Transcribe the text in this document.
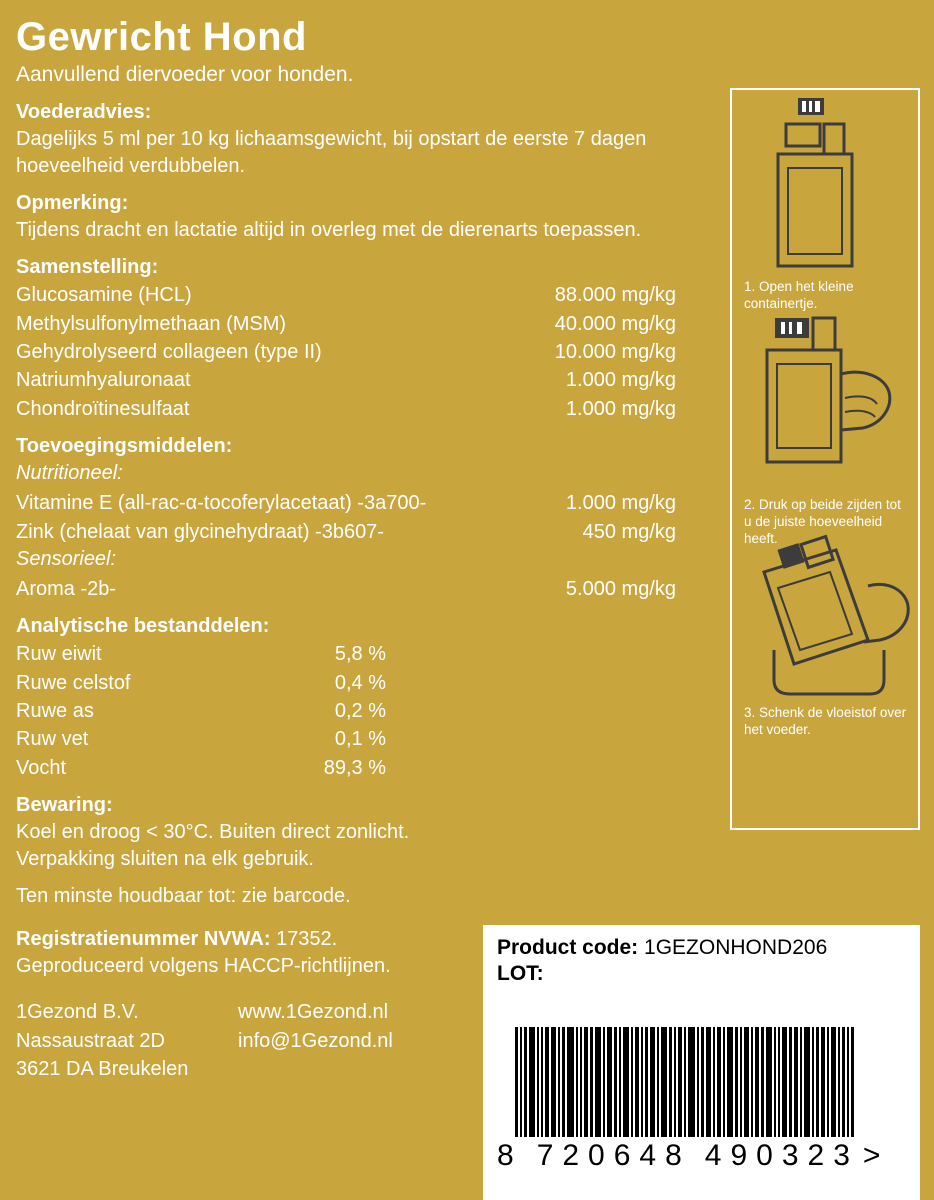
Gewricht Hond
Aanvullend diervoeder voor honden.
Voederadvies:
Dagelijks 5 ml per 10 kg lichaamsgewicht, bij opstart de eerste 7 dagen hoeveelheid verdubbelen.
Opmerking:
Tijdens dracht en lactatie altijd in overleg met de dierenarts toepassen.
Samenstelling:
Glucosamine (HCL)	88.000 mg/kg
Methylsulfonylmethaan (MSM)	40.000 mg/kg
Gehydrolyseerd collageen (type II)	10.000 mg/kg
Natriumhyaluronaat	1.000 mg/kg
Chondroïtinesulfaat	1.000 mg/kg
Toevoegingsmiddelen:
Nutritioneel:
Vitamine E (all-rac-α-tocoferylacetaat) -3a700-	1.000 mg/kg
Zink (chelaat van glycinehydraat) -3b607-	450 mg/kg
Sensorieel:
Aroma -2b-	5.000 mg/kg
Analytische bestanddelen:
Ruw eiwit	5,8 %
Ruwe celstof	0,4 %
Ruwe as	0,2 %
Ruw vet	0,1 %
Vocht	89,3 %
Bewaring:
Koel en droog < 30°C. Buiten direct zonlicht.
Verpakking sluiten na elk gebruik.
Ten minste houdbaar tot: zie barcode.
Registratienummer NVWA: 17352.
Geproduceerd volgens HACCP-richtlijnen.
1Gezond B.V.
Nassaustraat 2D
3621 DA Breukelen
www.1Gezond.nl
info@1Gezond.nl
1. Open het kleine containertje.
2. Druk op beide zijden tot u de juiste hoeveelheid heeft.
3. Schenk de vloeistof over het voeder.
Product code: 1GEZONHOND206
LOT:
8 720648 490323 >
